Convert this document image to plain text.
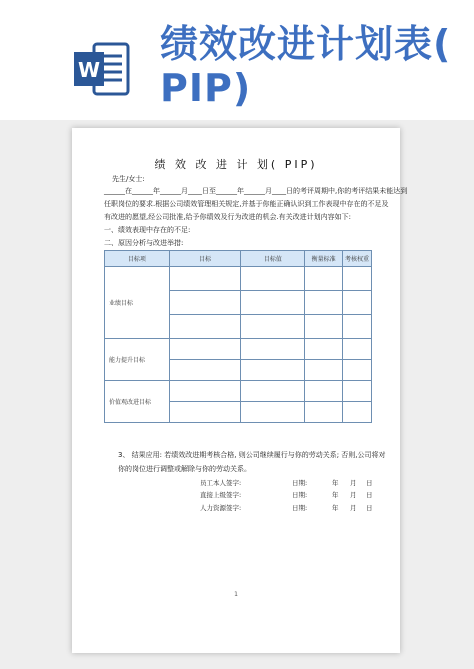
W
绩效改进计划表(
PIP)
绩 效 改 进 计 划( PIP)
先生/女士:
______在______年______月____日至______年______月____日的考评周期中,你的考评结果未能达到
任职岗位的要求.根据公司绩效管理相关规定,并基于你能正确认识到工作表现中存在的不足及
有改进的愿望,经公司批准,给予你绩效及行为改进的机会.有关改进计划内容如下:
一、绩效表现中存在的不足:
二、原因分析与改进举措:
目标项	目标	目标值	衡量标准	考核权重
业绩目标				

能力提升目标				

价值观改进目标				

3、 结果应用: 若绩效改进期考核合格, 则公司继续履行与你的劳动关系; 否则,公司将对
你的岗位进行调整或解除与你的劳动关系。
员工本人签字:	日期:	年 月 日
直接上级签字:	日期:	年 月 日
人力资源签字:	日期:	年 月 日
1
